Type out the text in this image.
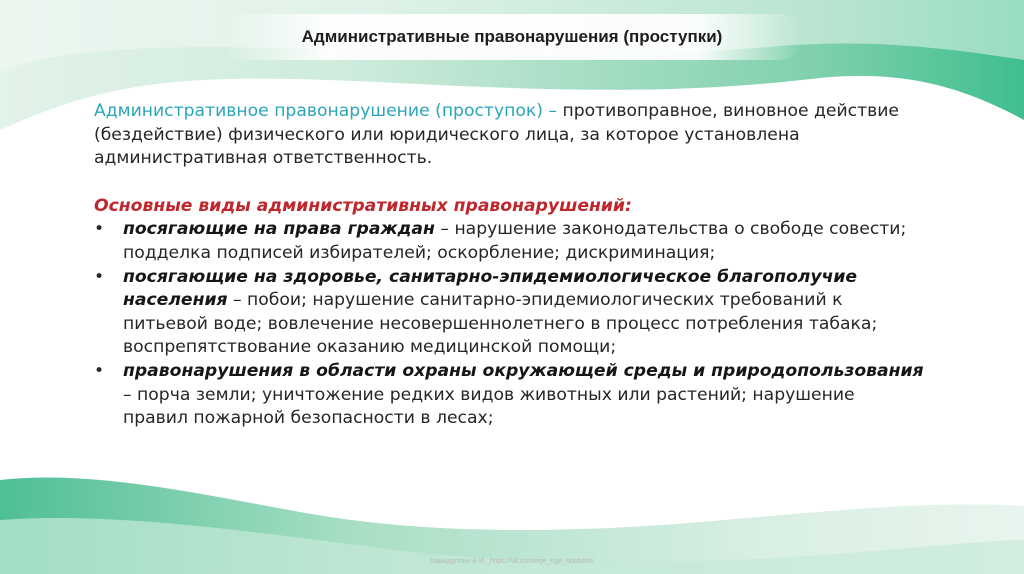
Административные правонарушения (проступки)
Административное правонарушение (проступок) – противоправное, виновное действие (бездействие) физического или юридического лица, за которое установлена административная ответственность.
Основные виды административных правонарушений:
• посягающие на права граждан – нарушение законодательства о свободе совести; подделка подписей избирателей; оскорбление; дискриминация;
• посягающие на здоровье, санитарно-эпидемиологическое благополучие населения – побои; нарушение санитарно-эпидемиологических требований к питьевой воде; вовлечение несовершеннолетнего в процесс потребления табака; воспрепятствование оказанию медицинской помощи;
• правонарушения в области охраны окружающей среды и природопользования – порча земли; уничтожение редких видов животных или растений; нарушение правил пожарной безопасности в лесах;
Хамидуллин Б.И._https://vk.com/ege_oge_obshestv
